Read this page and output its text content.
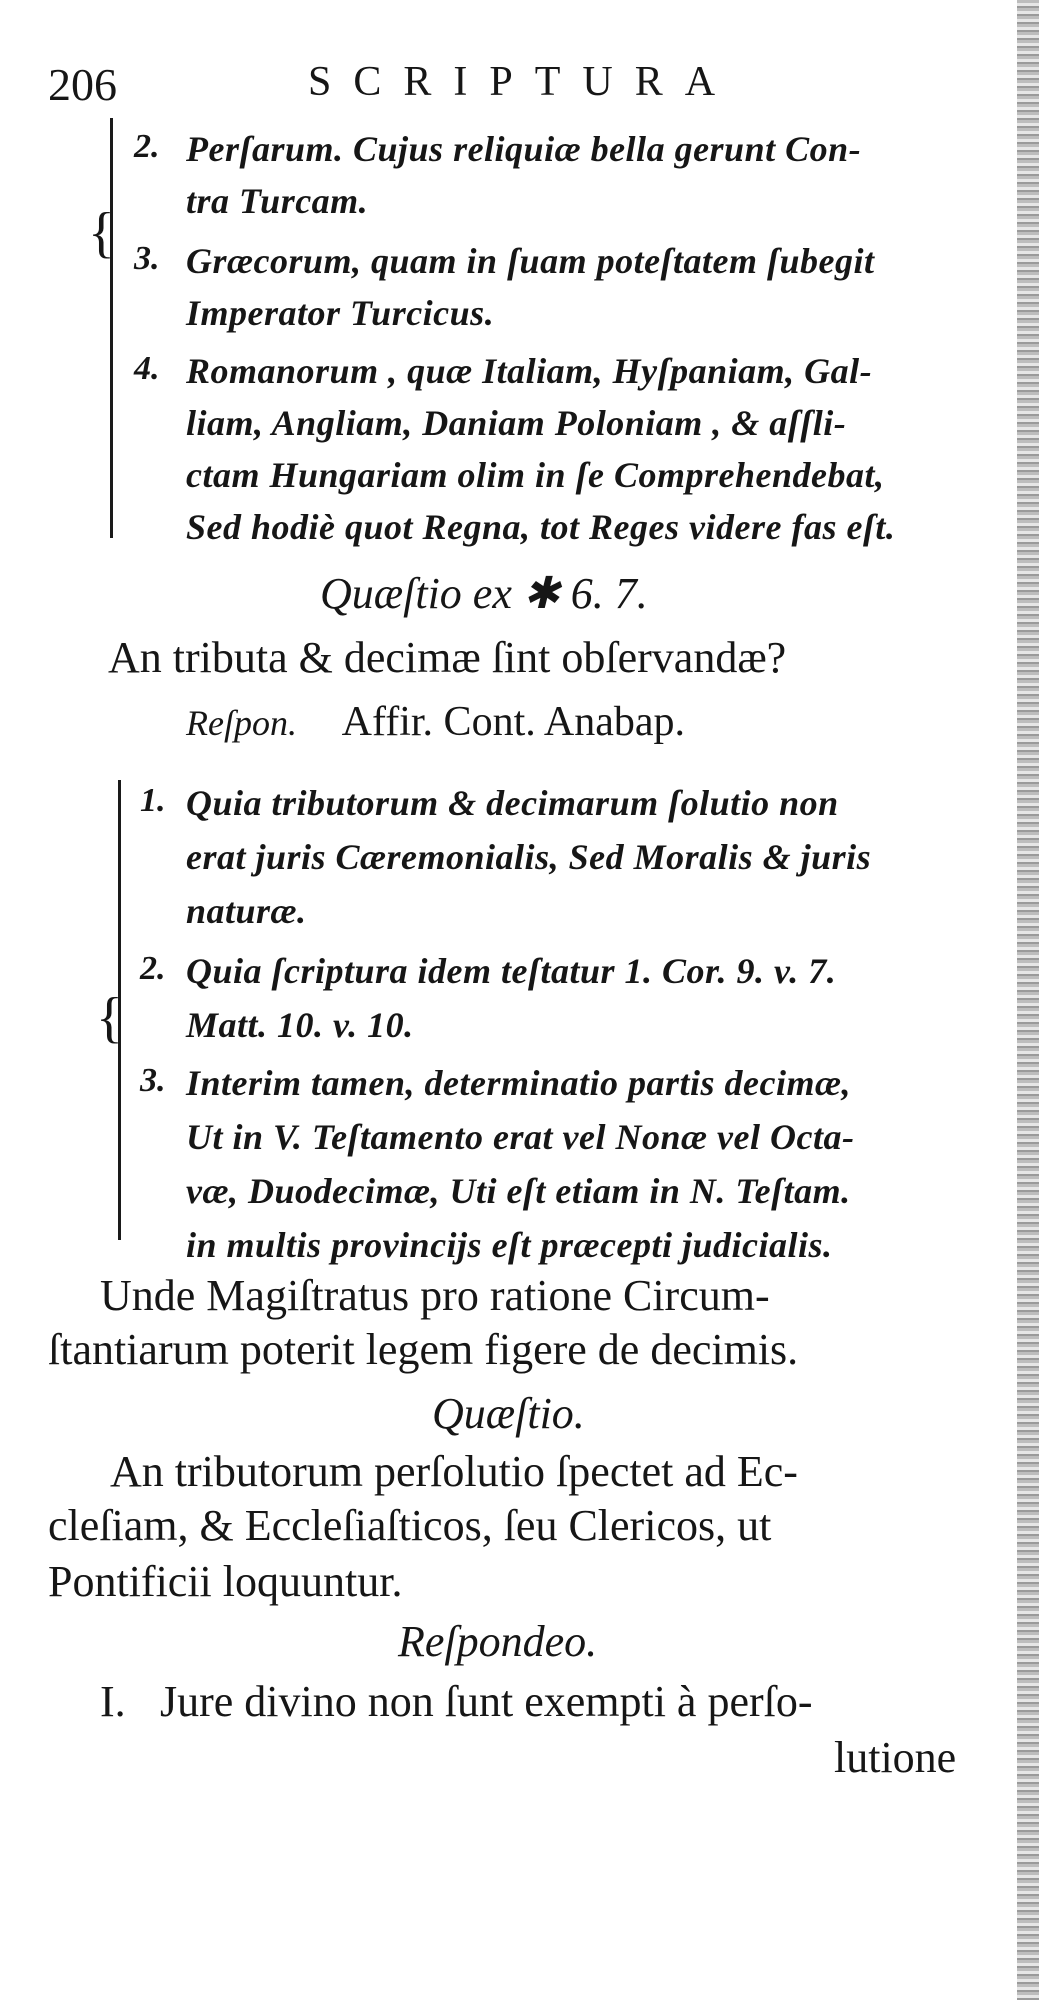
206	SCRIPTURA
{
2. Perſarum. Cujus reliquiæ bella gerunt Con-
tra Turcam.
3. Græcorum, quam in ſuam poteſtatem ſubegit
Imperator Turcicus.
4. Romanorum , quæ Italiam, Hyſpaniam, Gal-
liam, Angliam, Daniam Poloniam , & aſſli-
ctam Hungariam olim in ſe Comprehendebat,
Sed hodiè quot Regna, tot Reges videre fas eſt.
Quæſtio ex ✱ 6. 7.
An tributa & decimæ ſint obſervandæ?
Reſpon. Affir. Cont. Anabap.
{
1. Quia tributorum & decimarum ſolutio non
erat juris Cæremonialis, Sed Moralis & juris
naturæ.
2. Quia ſcriptura idem teſtatur 1. Cor. 9. v. 7.
Matt. 10. v. 10.
3. Interim tamen, determinatio partis decimæ,
Ut in V. Teſtamento erat vel Nonæ vel Octa-
væ, Duodecimæ, Uti eſt etiam in N. Teſtam.
in multis provincijs eſt præcepti judicialis.
Unde Magiſtratus pro ratione Circum-
ſtantiarum poterit legem figere de decimis.
Quæſtio.
An tributorum perſolutio ſpectet ad Ec-
cleſiam, & Eccleſiaſticos, ſeu Clericos, ut
Pontificii loquuntur.
Reſpondeo.
I. Jure divino non ſunt exempti à perſo-
lutione
